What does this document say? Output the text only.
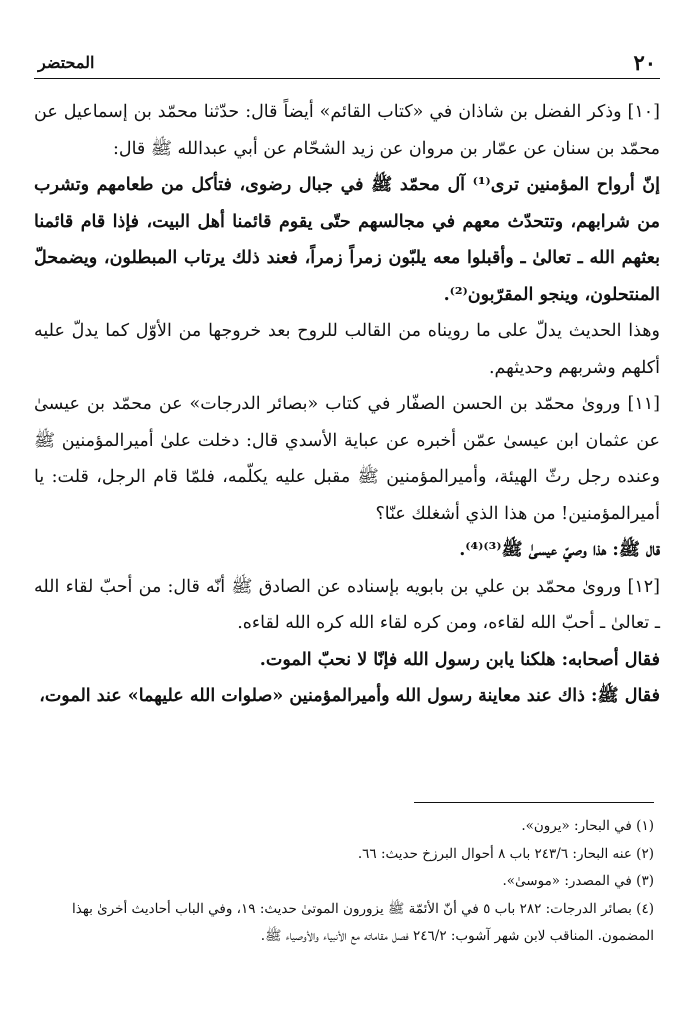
٢٠
المحتضر

[١٠] وذكر الفضل بن شاذان في «كتاب القائم» أيضاً قال: حدّثنا محمّد بن إسماعيل عن محمّد بن سنان عن عمّار بن مروان عن زيد الشحّام عن أبي عبدالله ﷺ قال:

إنّ أرواح المؤمنين ترى⁽¹⁾ آل محمّد ﷺ في جبال رضوى، فتأكل من طعامهم وتشرب من شرابهم، وتتحدّث معهم في مجالسهم حتّى يقوم قائمنا أهل البيت، فإذا قام قائمنا بعثهم الله ـ تعالىٰ ـ وأقبلوا معه يلبّون زمراً زمراً، فعند ذلك يرتاب المبطلون، ويضمحلّ المنتحلون، وينجو المقرّبون⁽²⁾.

وهذا الحديث يدلّ على ما رويناه من القالب للروح بعد خروجها من الأوّل كما يدلّ عليه أكلهم وشربهم وحديثهم.

[١١] وروىٰ محمّد بن الحسن الصفّار في كتاب «بصائر الدرجات» عن محمّد بن عيسىٰ عن عثمان ابن عيسىٰ عمّن أخبره عن عباية الأسدي قال: دخلت علىٰ أميرالمؤمنين ﷺ وعنده رجل رثّ الهيئة، وأميرالمؤمنين ﷺ مقبل عليه يكلّمه، فلمّا قام الرجل، قلت: يا أميرالمؤمنين! من هذا الذي أشغلك عنّا؟

قال ﷺ: هذا وصيّ عيسىٰ ﷺ⁽³⁾⁽⁴⁾.

[١٢] وروىٰ محمّد بن علي بن بابويه بإسناده عن الصادق ﷺ أنّه قال: من أحبّ لقاء الله ـ تعالىٰ ـ أحبّ الله لقاءه، ومن كره لقاء الله كره الله لقاءه.

فقال أصحابه: هلكنا يابن رسول الله فإنّا لا نحبّ الموت.

فقال ﷺ: ذاك عند معاينة رسول الله وأميرالمؤمنين «صلوات الله عليهما» عند الموت،

(١) في البحار: «يرون».

(٢) عنه البحار: ٢٤٣/٦ باب ٨ أحوال البرزخ حديث: ٦٦.

(٣) في المصدر: «موسىٰ».

(٤) بصائر الدرجات: ٢٨٢ باب ٥ في أنّ الأئمّة ﷺ يزورون الموتىٰ حديث: ١٩، وفي الباب أحاديث أخرىٰ بهذا المضمون. المناقب لابن شهر آشوب: ٢٤٦/٢ فصل مقاماته مع الأنبياء والأوصياء ﷺ.
